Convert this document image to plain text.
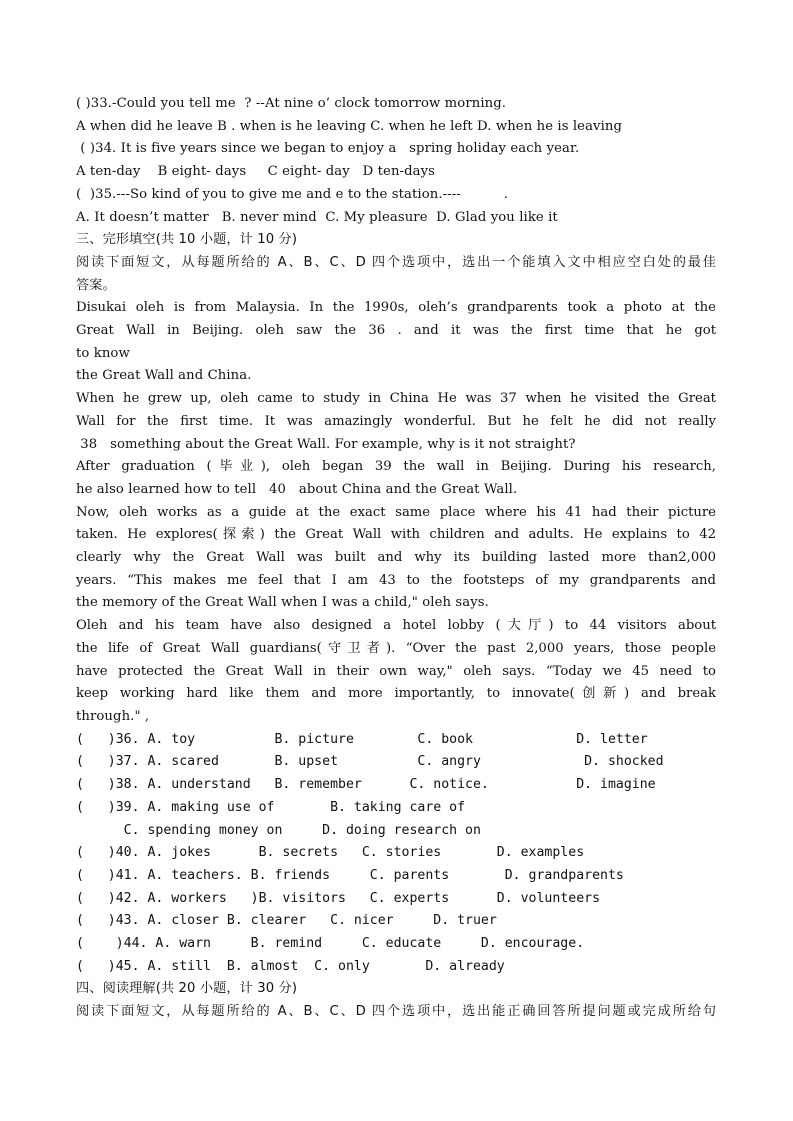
( )33.-Could you tell me  ? --At nine o’ clock tomorrow morning.
A when did he leave B . when is he leaving C. when he left D. when he is leaving
( )34. It is five years since we began to enjoy a   spring holiday each year.
A ten-day    B eight- days     C eight- day   D ten-days
(  )35.---So kind of you to give me and e to the station.----          .
A. It doesn’t matter   B. never mind  C. My pleasure  D. Glad you like it
三、完形填空(共 10 小题，计 10 分)
阅读下面短文，从每题所给的 A、B、C、D 四个选项中，选出一个能填入文中相应空白处的最佳
答案。
Disukai oleh is from Malaysia. In the 1990s, oleh’s grandparents took a photo at the
Great Wall in Beijing. oleh saw the 36 . and it was the first time that he got
to know
the Great Wall and China.
When he grew up, oleh came to study in China He was 37 when he visited the Great
Wall for the first time. It was amazingly wonderful. But he felt he did not really
38   something about the Great Wall. For example, why is it not straight?
After graduation (毕业), oleh began 39 the wall in Beijing. During his research,
he also learned how to tell   40   about China and the Great Wall.
Now, oleh works as a guide at the exact same place where his 41 had their picture
taken. He explores(探索) the Great Wall with children and adults. He explains to 42
clearly why the Great Wall was built and why its building lasted more than2,000
years. “This makes me feel that I am 43 to the footsteps of my grandparents and
the memory of the Great Wall when I was a child," oleh says.
Oleh and his team have also designed a hotel lobby (大厅) to 44 visitors about
the life of Great Wall guardians(守卫者). “Over the past 2,000 years, those people
have protected the Great Wall in their own way," oleh says. “Today we 45 need to
keep working hard like them and more importantly, to innovate(创新) and break
through." ,
(   )36. A. toy          B. picture        C. book             D. letter
(   )37. A. scared       B. upset          C. angry             D. shocked
(   )38. A. understand   B. remember      C. notice.           D. imagine
(   )39. A. making use of       B. taking care of
C. spending money on     D. doing research on
(   )40. A. jokes      B. secrets   C. stories       D. examples
(   )41. A. teachers. B. friends     C. parents       D. grandparents
(   )42. A. workers   )B. visitors   C. experts      D. volunteers
(   )43. A. closer B. clearer   C. nicer     D. truer
(    )44. A. warn     B. remind     C. educate     D. encourage.
(   )45. A. still  B. almost  C. only       D. already
四、阅读理解(共 20 小题，计 30 分)
阅读下面短文，从每题所给的 A、B、C、D 四个选项中，选出能正确回答所提问题或完成所给句
